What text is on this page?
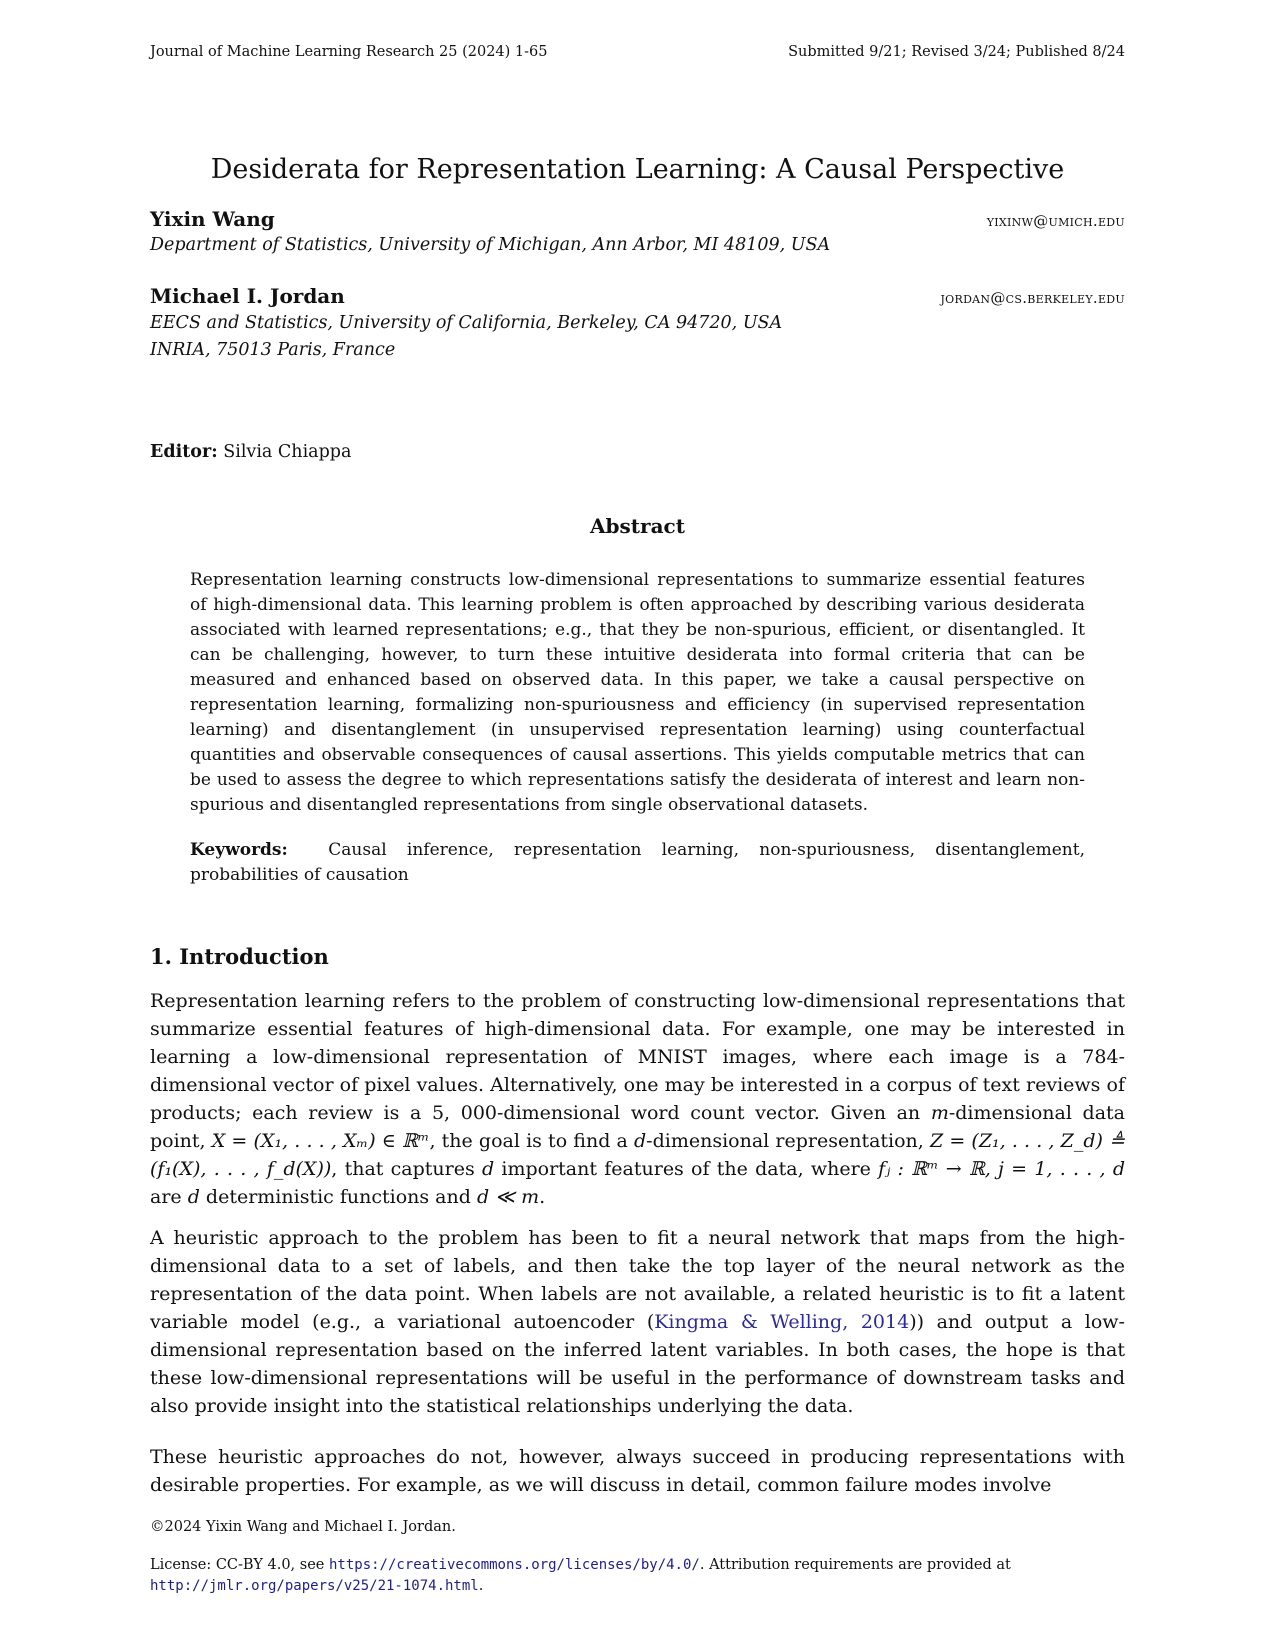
Journal of Machine Learning Research 25 (2024) 1-65	Submitted 9/21; Revised 3/24; Published 8/24
Desiderata for Representation Learning: A Causal Perspective
Yixin Wang	yixinw@umich.edu
Department of Statistics, University of Michigan, Ann Arbor, MI 48109, USA
Michael I. Jordan	jordan@cs.berkeley.edu
EECS and Statistics, University of California, Berkeley, CA 94720, USA
INRIA, 75013 Paris, France
Editor: Silvia Chiappa
Abstract
Representation learning constructs low-dimensional representations to summarize essential features of high-dimensional data. This learning problem is often approached by describing various desiderata associated with learned representations; e.g., that they be non-spurious, efficient, or disentangled. It can be challenging, however, to turn these intuitive desiderata into formal criteria that can be measured and enhanced based on observed data. In this paper, we take a causal perspective on representation learning, formalizing non-spuriousness and efficiency (in supervised representation learning) and disentanglement (in unsupervised representation learning) using counterfactual quantities and observable consequences of causal assertions. This yields computable metrics that can be used to assess the degree to which representations satisfy the desiderata of interest and learn non-spurious and disentangled representations from single observational datasets.
Keywords: Causal inference, representation learning, non-spuriousness, disentanglement, probabilities of causation
1. Introduction
Representation learning refers to the problem of constructing low-dimensional representations that summarize essential features of high-dimensional data. For example, one may be interested in learning a low-dimensional representation of MNIST images, where each image is a 784-dimensional vector of pixel values. Alternatively, one may be interested in a corpus of text reviews of products; each review is a 5, 000-dimensional word count vector. Given an m-dimensional data point, X = (X₁, . . . , Xₘ) ∈ ℝᵐ, the goal is to find a d-dimensional representation, Z = (Z₁, . . . , Z_d) ≜ (f₁(X), . . . , f_d(X)), that captures d important features of the data, where fⱼ : ℝᵐ → ℝ, j = 1, . . . , d are d deterministic functions and d ≪ m.
A heuristic approach to the problem has been to fit a neural network that maps from the high-dimensional data to a set of labels, and then take the top layer of the neural network as the representation of the data point. When labels are not available, a related heuristic is to fit a latent variable model (e.g., a variational autoencoder (Kingma & Welling, 2014)) and output a low-dimensional representation based on the inferred latent variables. In both cases, the hope is that these low-dimensional representations will be useful in the performance of downstream tasks and also provide insight into the statistical relationships underlying the data.
These heuristic approaches do not, however, always succeed in producing representations with desirable properties. For example, as we will discuss in detail, common failure modes involve
©2024 Yixin Wang and Michael I. Jordan.
License: CC-BY 4.0, see https://creativecommons.org/licenses/by/4.0/. Attribution requirements are provided at
http://jmlr.org/papers/v25/21-1074.html.
